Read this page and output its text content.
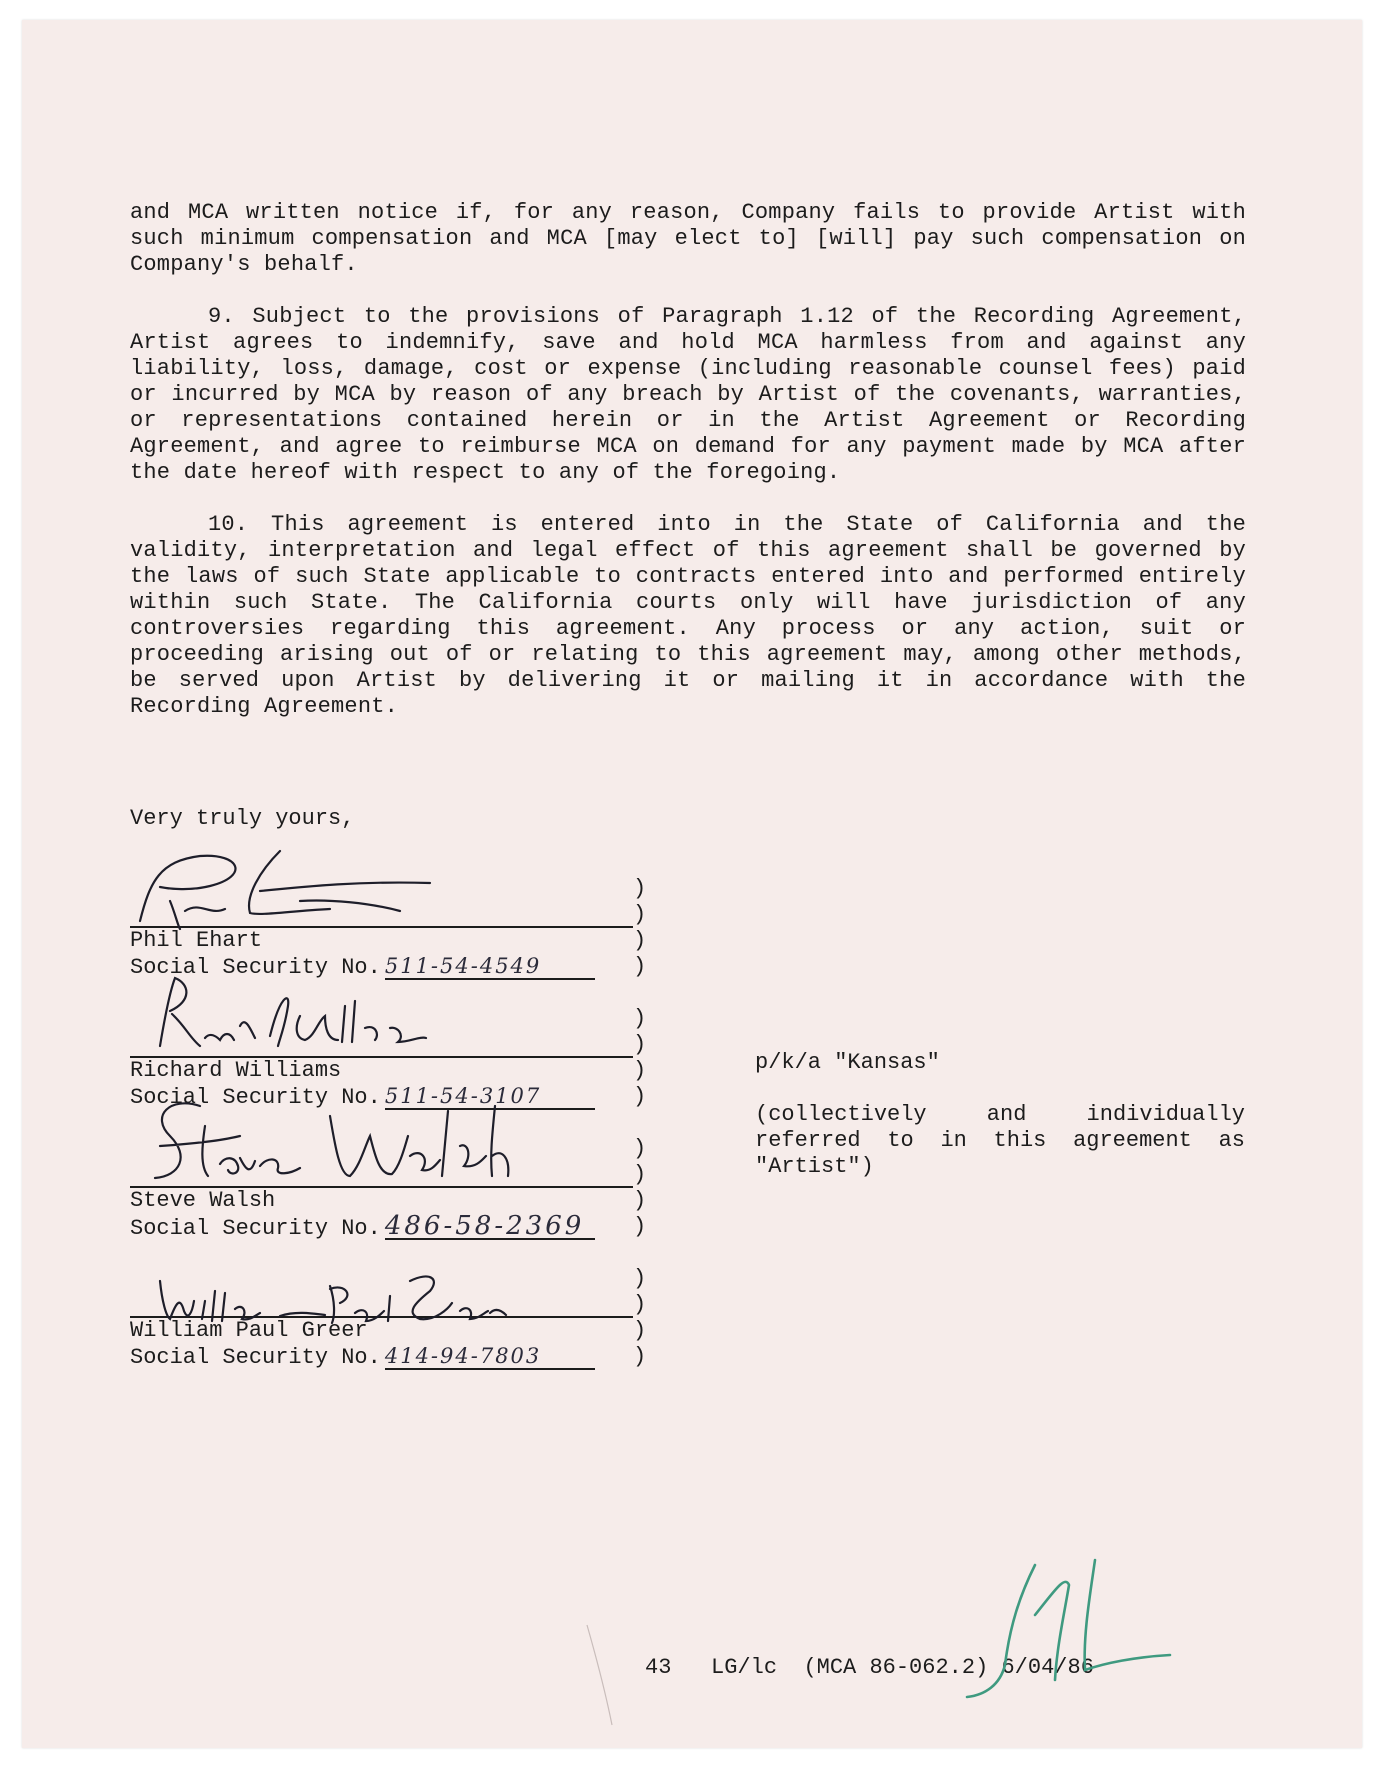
and MCA written notice if, for any reason, Company fails to provide Artist with such minimum compensation and MCA [may elect to] [will] pay such compensation on Company's behalf.

9. Subject to the provisions of Paragraph 1.12 of the Recording Agreement, Artist agrees to indemnify, save and hold MCA harmless from and against any liability, loss, damage, cost or expense (including reasonable counsel fees) paid or incurred by MCA by reason of any breach by Artist of the covenants, warranties, or representations contained herein or in the Artist Agreement or Recording Agreement, and agree to reimburse MCA on demand for any payment made by MCA after the date hereof with respect to any of the foregoing.

10. This agreement is entered into in the State of California and the validity, interpretation and legal effect of this agreement shall be governed by the laws of such State applicable to contracts entered into and performed entirely within such State. The California courts only will have jurisdiction of any controversies regarding this agreement. Any process or any action, suit or proceeding arising out of or relating to this agreement may, among other methods, be served upon Artist by delivering it or mailing it in accordance with the Recording Agreement.

Very truly yours,
Phil Ehart
Social Security No. 511-54-4549
)
)
)
)
Richard Williams
Social Security No. 511-54-3107
)
)
)
)
Steve Walsh
Social Security No. 486-58-2369
)
)
)
)
William Paul Greer
Social Security No. 414-94-7803
)
)
)
)
p/k/a "Kansas"
(collectively and individually referred to in this agreement as "Artist")
43 LG/lc (MCA 86-062.2) 6/04/86
